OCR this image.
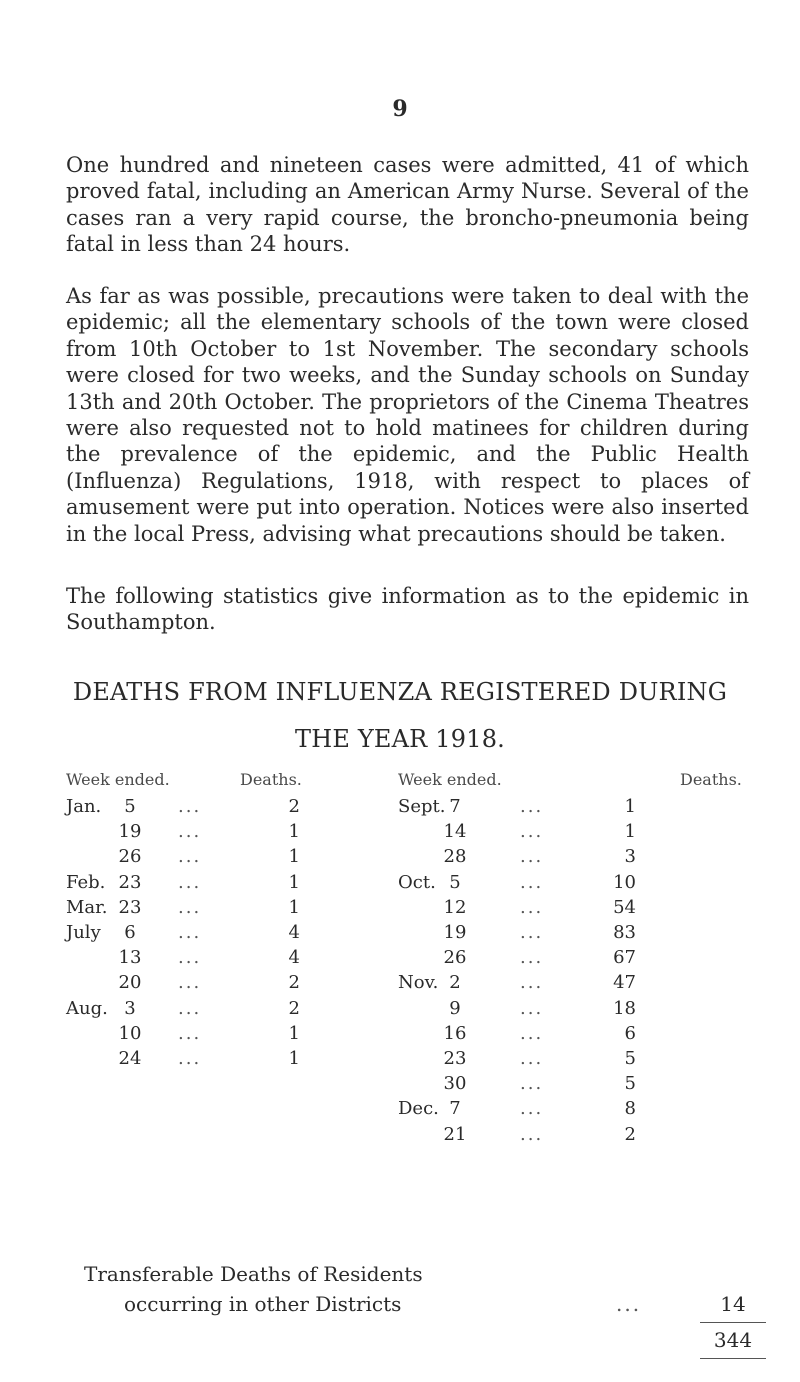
9

One hundred and nineteen cases were admitted, 41 of which proved fatal, including an American Army Nurse. Several of the cases ran a very rapid course, the broncho-pneumonia being fatal in less than 24 hours.

As far as was possible, precautions were taken to deal with the epidemic; all the elementary schools of the town were closed from 10th October to 1st November. The secondary schools were closed for two weeks, and the Sunday schools on Sunday 13th and 20th October. The proprietors of the Cinema Theatres were also requested not to hold matinees for children during the prevalence of the epidemic, and the Public Health (Influenza) Regulations, 1918, with respect to places of amusement were put into operation. Notices were also inserted in the local Press, advising what precautions should be taken.

The following statistics give information as to the epidemic in Southampton.

DEATHS FROM INFLUENZA REGISTERED DURING
THE YEAR 1918.
Week ended.	Deaths.	Week ended.	Deaths.
Jan.	5	...	2
19	...	1
26	...	1
Feb. 23	...	1
Mar. 23	...	1
July	6	...	4
13	...	4
20	...	2
Aug. 3	...	2
10	...	1
24	...	1
Sept. 7	...	1
14	...	1
28	...	3
Oct. 5	...	10
12	...	54
19	...	83
26	...	67
Nov. 2	...	47
9	...	18
16	...	6
23	...	5
30	...	5
Dec. 7	...	8
21	...	2
Transferable Deaths of Residents
occurring in other Districts	...	14
344
